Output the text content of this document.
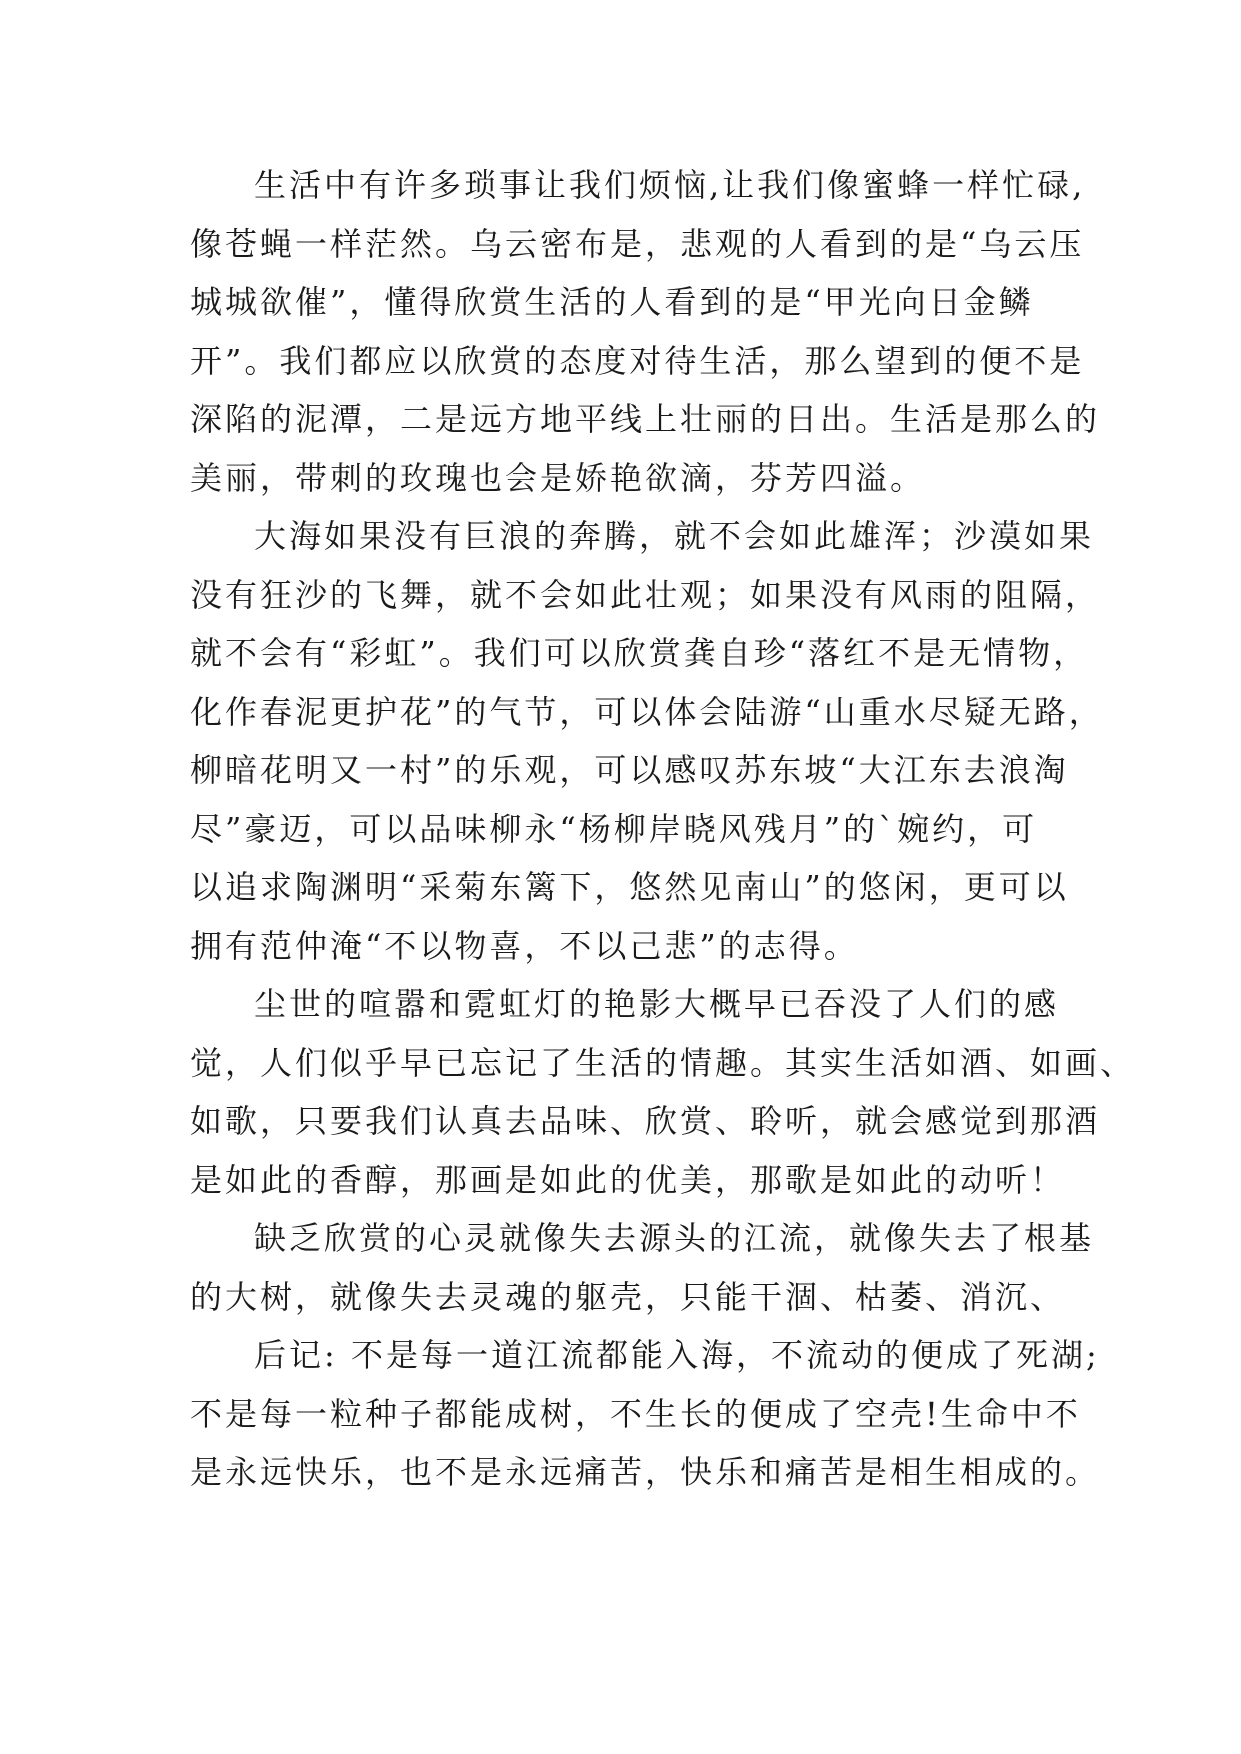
生活中有许多琐事让我们烦恼,让我们像蜜蜂一样忙碌,
像苍蝇一样茫然。乌云密布是，悲观的人看到的是“乌云压
城城欲催”，懂得欣赏生活的人看到的是“甲光向日金鳞
开”。我们都应以欣赏的态度对待生活，那么望到的便不是
深陷的泥潭，二是远方地平线上壮丽的日出。生活是那么的
美丽，带刺的玫瑰也会是娇艳欲滴，芬芳四溢。
大海如果没有巨浪的奔腾，就不会如此雄浑；沙漠如果
没有狂沙的飞舞，就不会如此壮观；如果没有风雨的阻隔，
就不会有“彩虹”。我们可以欣赏龚自珍“落红不是无情物，
化作春泥更护花”的气节，可以体会陆游“山重水尽疑无路，
柳暗花明又一村”的乐观，可以感叹苏东坡“大江东去浪淘
尽”豪迈，可以品味柳永“杨柳岸晓风残月”的`婉约，可
以追求陶渊明“采菊东篱下，悠然见南山”的悠闲，更可以
拥有范仲淹“不以物喜，不以己悲”的志得。
尘世的喧嚣和霓虹灯的艳影大概早已吞没了人们的感
觉，人们似乎早已忘记了生活的情趣。其实生活如酒、如画、
如歌，只要我们认真去品味、欣赏、聆听，就会感觉到那酒
是如此的香醇，那画是如此的优美，那歌是如此的动听！
缺乏欣赏的心灵就像失去源头的江流，就像失去了根基
的大树，就像失去灵魂的躯壳，只能干涸、枯萎、消沉、
后记: 不是每一道江流都能入海，不流动的便成了死湖;
不是每一粒种子都能成树，不生长的便成了空壳!生命中不
是永远快乐，也不是永远痛苦，快乐和痛苦是相生相成的。
